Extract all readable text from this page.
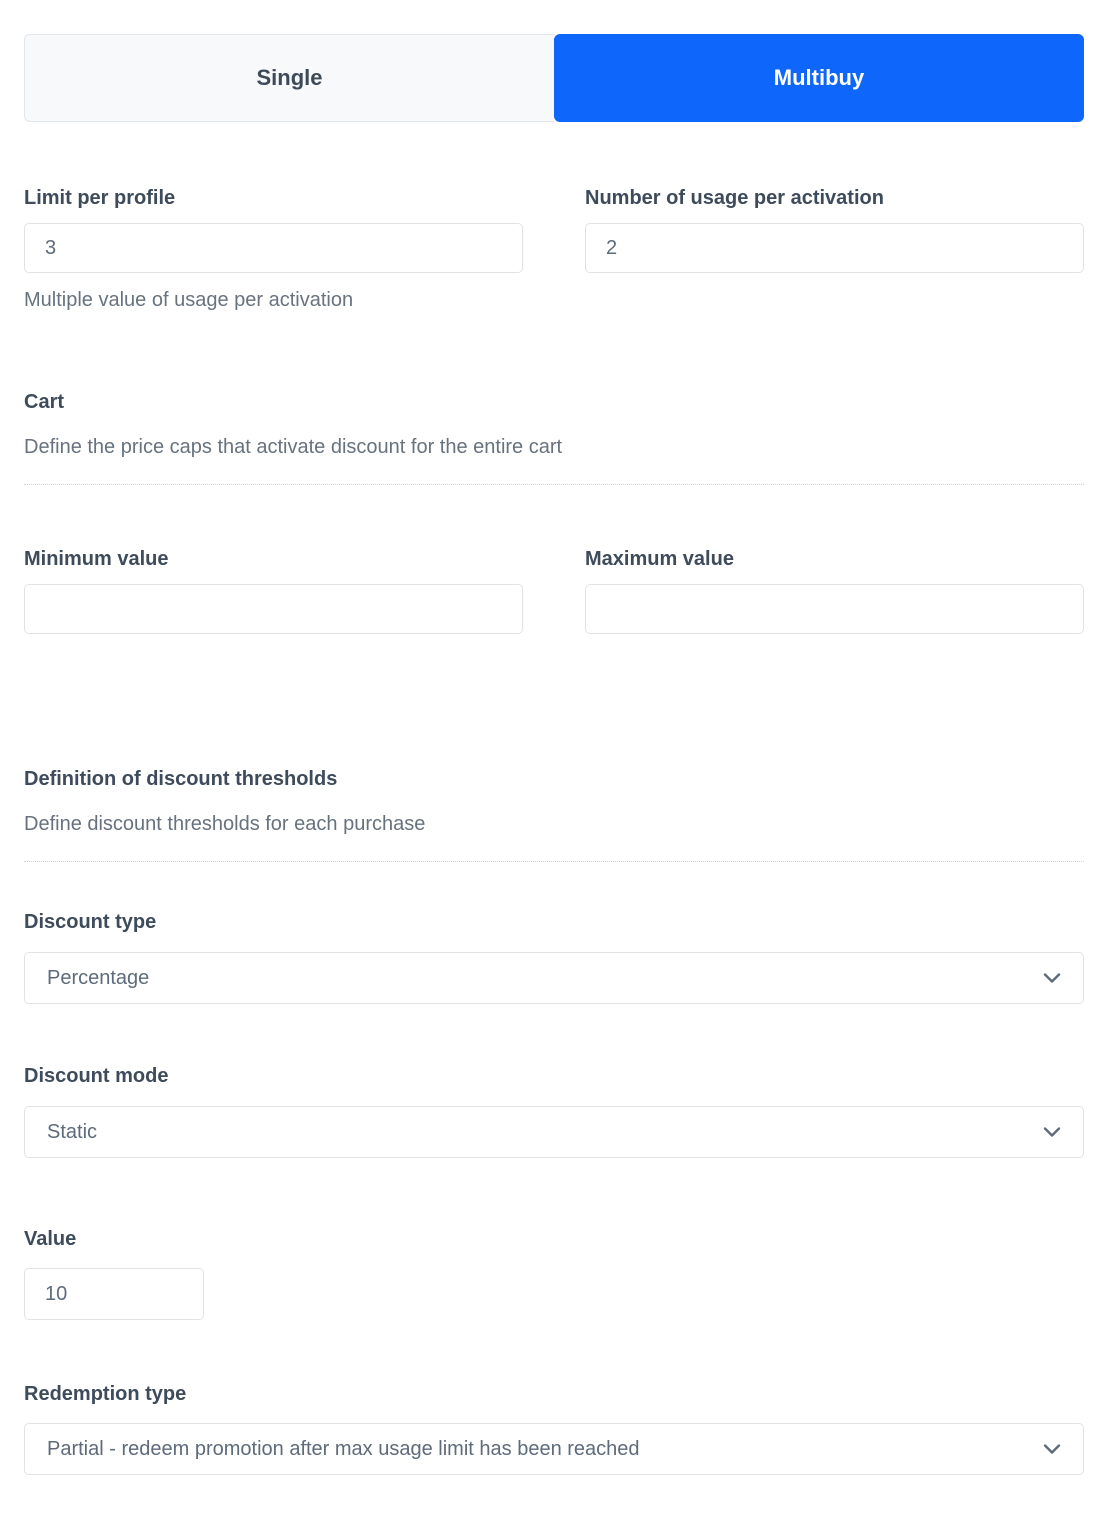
Single	Multibuy
Limit per profile
3
Multiple value of usage per activation
Number of usage per activation
2
Cart
Define the price caps that activate discount for the entire cart
Minimum value	Maximum value
Definition of discount thresholds
Define discount thresholds for each purchase
Discount type
Percentage
Discount mode
Static
Value
10
Redemption type
Partial - redeem promotion after max usage limit has been reached
